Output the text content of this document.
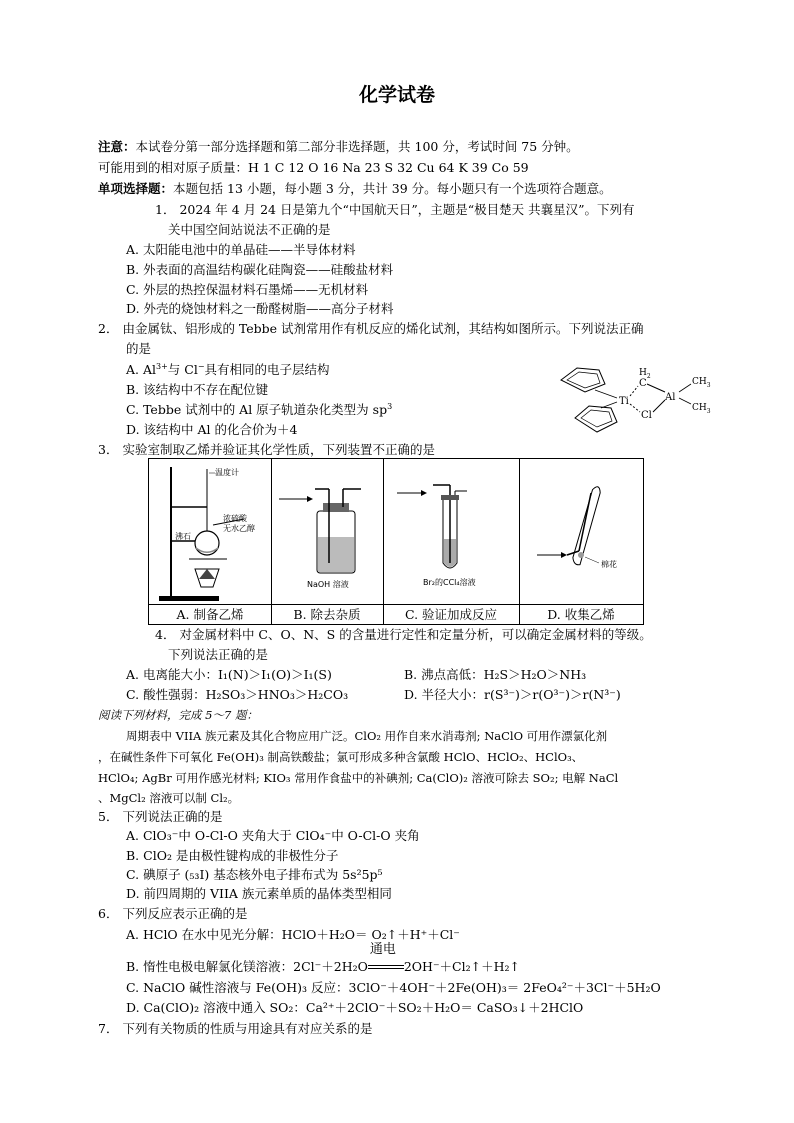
化学试卷
注意：本试卷分第一部分选择题和第二部分非选择题，共 100 分，考试时间 75 分钟。
可能用到的相对原子质量：H 1 C 12 O 16 Na 23 S 32 Cu 64 K 39 Co 59
单项选择题：本题包括 13 小题，每小题 3 分，共计 39 分。每小题只有一个选项符合题意。
1． 2024 年 4 月 24 日是第九个“中国航天日”，主题是“极目楚天 共襄星汉”。下列有
关中国空间站说法不正确的是
A. 太阳能电池中的单晶硅——半导体材料
B. 外表面的高温结构碳化硅陶瓷——硅酸盐材料
C. 外层的热控保温材料石墨烯——无机材料
D. 外壳的烧蚀材料之一酚醛树脂——高分子材料
2． 由金属钛、铝形成的 Tebbe 试剂常用作有机反应的烯化试剂，其结构如图所示。下列说法正确
的是
A. $Al^{3+}$与 Cl−具有相同的电子层结构
B. 该结构中不存在配位键
C. Tebbe 试剂中的 Al 原子轨道杂化类型为 $sp^3$
D. 该结构中 Al 的化合价为＋4
Ti
$H_2$
C
Al
Cl
$CH_3$
$CH_3$
3． 实验室制取乙烯并验证其化学性质，下列装置不正确的是
温度计
浓硫酸
无水乙醇
沸石
A. 制备乙烯
NaOH 溶液
B. 除去杂质
Br₂的CCl₄溶液
C. 验证加成反应
棉花
D. 收集乙烯
4． 对金属材料中 C、O、N、S 的含量进行定性和定量分析，可以确定金属材料的等级。
下列说法正确的是
A. 电离能大小：I₁(N)＞I₁(O)＞I₁(S)	B. 沸点高低：H₂S＞H₂O＞NH₃
C. 酸性强弱：H₂SO₃＞HNO₃＞H₂CO₃	D. 半径大小：r(S³⁻)＞r(O³⁻)＞r(N³⁻)
阅读下列材料，完成 5～7 题：
周期表中 VIIA 族元素及其化合物应用广泛。ClO₂ 用作自来水消毒剂; NaClO 可用作漂氯化剂
，在碱性条件下可氧化 Fe(OH)₃ 制高铁酸盐；氯可形成多种含氯酸 HClO、HClO₂、HClO₃、
HClO₄; AgBr 可用作感光材料; KIO₃ 常用作食盐中的补碘剂; Ca(ClO)₂ 溶液可除去 SO₂; 电解 NaCl
、MgCl₂ 溶液可以制 Cl₂。
5． 下列说法正确的是
A. ClO₃⁻中 O-Cl-O 夹角大于 ClO₄⁻中 O-Cl-O 夹角
B. ClO₂ 是由极性键构成的非极性分子
C. 碘原子 (₅₃I) 基态核外电子排布式为 5s²5p⁵
D. 前四周期的 VIIA 族元素单质的晶体类型相同
6． 下列反应表示正确的是
A. HClO 在水中见光分解：HClO＋H₂O＝ O₂↑＋H⁺＋Cl⁻
B. 惰性电极电解氯化镁溶液：2Cl⁻＋2H₂O
通电
2OH⁻＋Cl₂↑＋H₂↑
C. NaClO 碱性溶液与 Fe(OH)₃ 反应：3ClO⁻＋4OH⁻＋2Fe(OH)₃＝ 2FeO₄²⁻＋3Cl⁻＋5H₂O
D. Ca(ClO)₂ 溶液中通入 SO₂：Ca²⁺＋2ClO⁻＋SO₂＋H₂O＝ CaSO₃↓＋2HClO
7． 下列有关物质的性质与用途具有对应关系的是
